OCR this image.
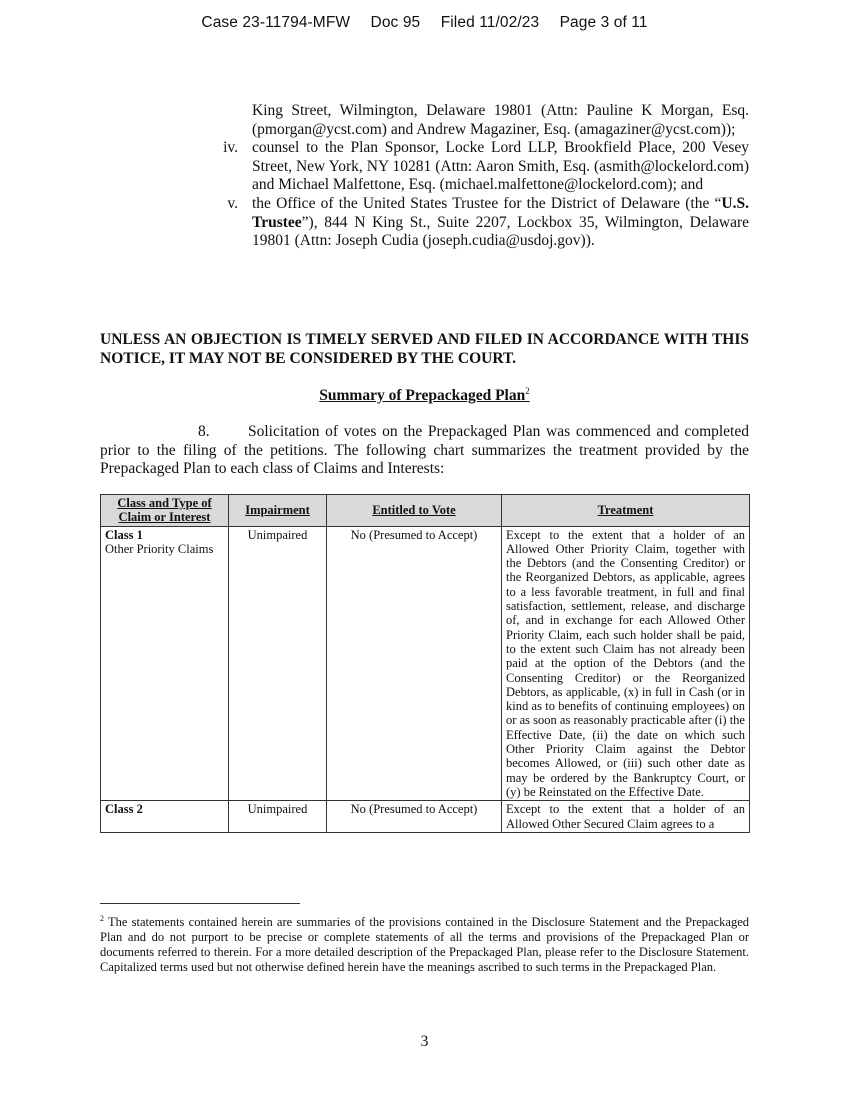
Case 23-11794-MFW Doc 95 Filed 11/02/23 Page 3 of 11
King Street, Wilmington, Delaware 19801 (Attn: Pauline K Morgan, Esq. (pmorgan@ycst.com) and Andrew Magaziner, Esq. (amagaziner@ycst.com));
iv. counsel to the Plan Sponsor, Locke Lord LLP, Brookfield Place, 200 Vesey Street, New York, NY 10281 (Attn: Aaron Smith, Esq. (asmith@lockelord.com) and Michael Malfettone, Esq. (michael.malfettone@lockelord.com); and
v. the Office of the United States Trustee for the District of Delaware (the “U.S. Trustee”), 844 N King St., Suite 2207, Lockbox 35, Wilmington, Delaware 19801 (Attn: Joseph Cudia (joseph.cudia@usdoj.gov)).
UNLESS AN OBJECTION IS TIMELY SERVED AND FILED IN ACCORDANCE WITH THIS NOTICE, IT MAY NOT BE CONSIDERED BY THE COURT.
Summary of Prepackaged Plan$^2$
8. Solicitation of votes on the Prepackaged Plan was commenced and completed prior to the filing of the petitions. The following chart summarizes the treatment provided by the Prepackaged Plan to each class of Claims and Interests:
Class and Type of Claim or Interest	Impairment	Entitled to Vote	Treatment

Class 1
Other Priority Claims	Unimpaired	No (Presumed to Accept)	Except to the extent that a holder of an Allowed Other Priority Claim, together with the Debtors (and the Consenting Creditor) or the Reorganized Debtors, as applicable, agrees to a less favorable treatment, in full and final satisfaction, settlement, release, and discharge of, and in exchange for each Allowed Other Priority Claim, each such holder shall be paid, to the extent such Claim has not already been paid at the option of the Debtors (and the Consenting Creditor) or the Reorganized Debtors, as applicable, (x) in full in Cash (or in kind as to benefits of continuing employees) on or as soon as reasonably practicable after (i) the Effective Date, (ii) the date on which such Other Priority Claim against the Debtor becomes Allowed, or (iii) such other date as may be ordered by the Bankruptcy Court, or (y) be Reinstated on the Effective Date.

Class 2	Unimpaired	No (Presumed to Accept)	Except to the extent that a holder of an Allowed Other Secured Claim agrees to a
$^2$ The statements contained herein are summaries of the provisions contained in the Disclosure Statement and the Prepackaged Plan and do not purport to be precise or complete statements of all the terms and provisions of the Prepackaged Plan or documents referred to therein. For a more detailed description of the Prepackaged Plan, please refer to the Disclosure Statement. Capitalized terms used but not otherwise defined herein have the meanings ascribed to such terms in the Prepackaged Plan.
3
